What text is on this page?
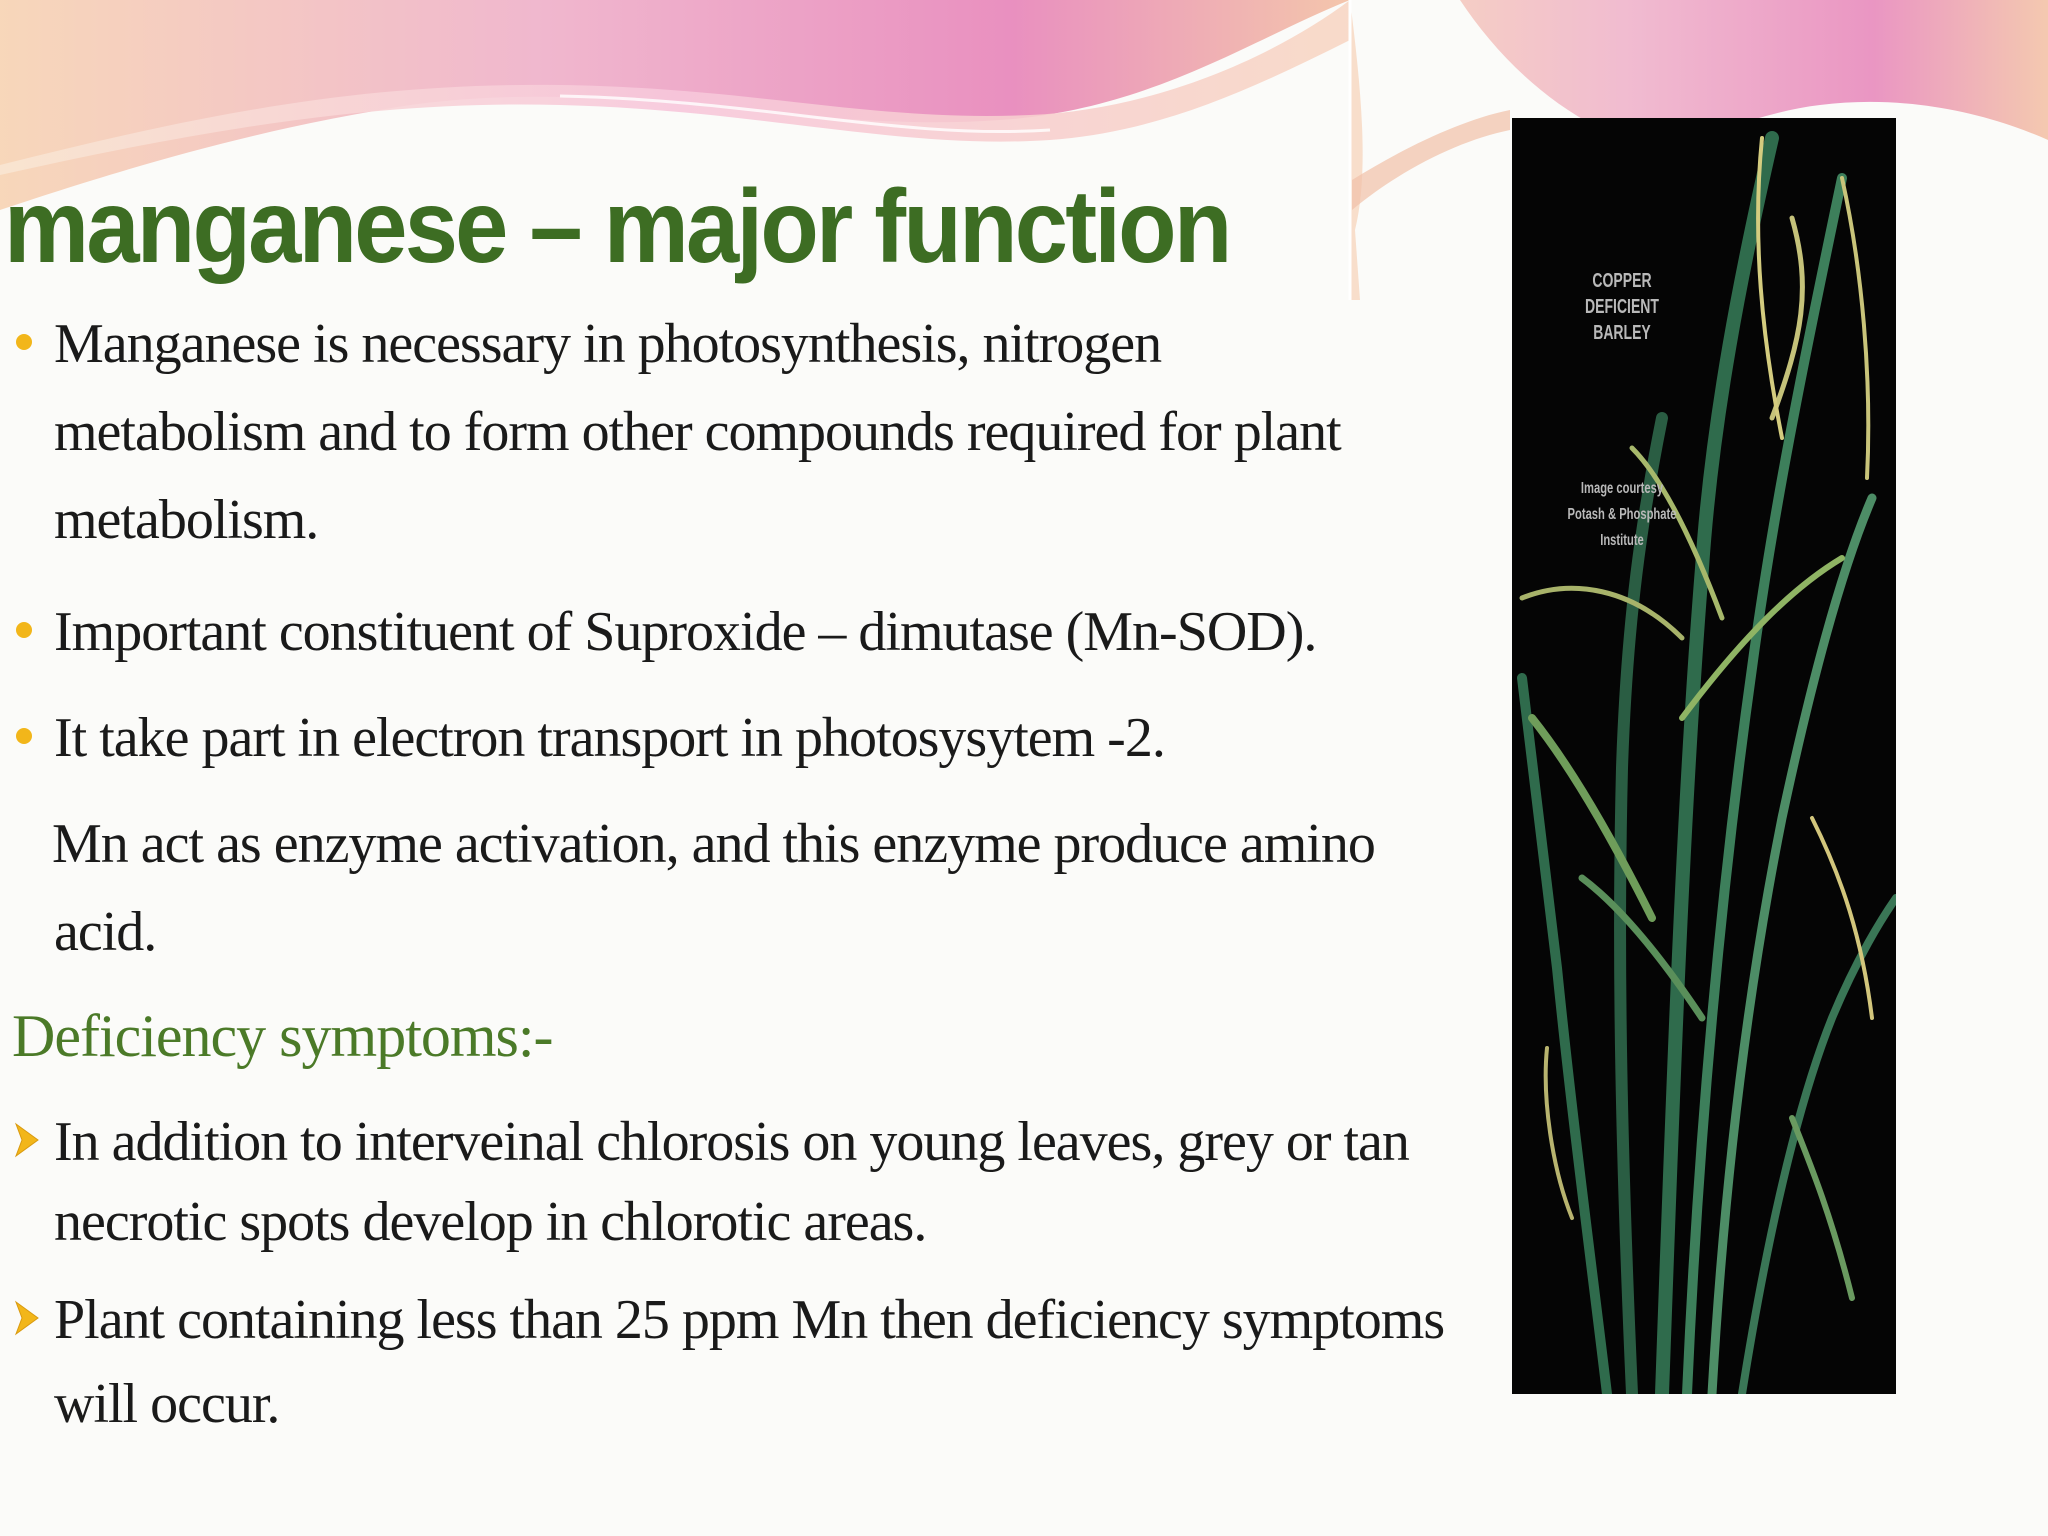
manganese – major function
Manganese is necessary in photosynthesis, nitrogen
metabolism and to form other compounds required for plant
metabolism.
Important constituent of Suproxide – dimutase (Mn-SOD).
It take part in electron transport in photosysytem -2.
Mn act as enzyme activation, and this enzyme produce amino
acid.
Deficiency symptoms:-
In addition to interveinal chlorosis on young leaves, grey or tan
necrotic spots develop in chlorotic areas.
Plant containing less than 25 ppm Mn then deficiency symptoms
will occur.
COPPER
DEFICIENT
BARLEY
Image courtesy
Potash & Phosphate
Institute
